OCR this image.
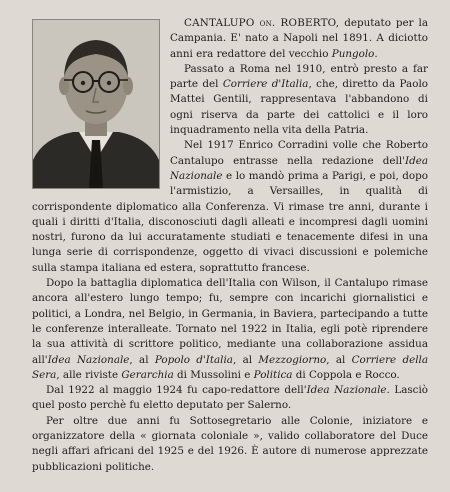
CANTALUPO on. ROBERTO, deputato per la Campania. E' nato a Napoli nel 1891. A diciotto anni era redattore del vecchio Pungolo.

Passato a Roma nel 1910, entrò presto a far parte del Corriere d'Italia, che, diretto da Paolo Mattei Gentili, rappresentava l'abbandono di ogni riserva da parte dei cattolici e il loro inquadramento nella vita della Patria.

Nel 1917 Enrico Corradini volle che Roberto Cantalupo entrasse nella redazione dell'Idea Nazionale e lo mandò prima a Parigi, e poi, dopo l'armistizio, a Versailles, in qualità di corrispondente diplomatico alla Conferenza. Vi rimase tre anni, durante i quali i diritti d'Italia, disconosciuti dagli alleati e incompresi dagli uomini nostri, furono da lui accuratamente studiati e tenacemente difesi in una lunga serie di corrispondenze, oggetto di vivaci discussioni e polemiche sulla stampa italiana ed estera, soprattutto francese.

Dopo la battaglia diplomatica dell'Italia con Wilson, il Cantalupo rimase ancora all'estero lungo tempo; fu, sempre con incarichi giornalistici e politici, a Londra, nel Belgio, in Germania, in Baviera, partecipando a tutte le conferenze interalleate. Tornato nel 1922 in Italia, egli potè riprendere la sua attività di scrittore politico, mediante una collaborazione assidua all'Idea Nazionale, al Popolo d'Italia, al Mezzogiorno, al Corriere della Sera, alle riviste Gerarchia di Mussolini e Politica di Coppola e Rocco.

Dal 1922 al maggio 1924 fu capo-redattore dell'Idea Nazionale. Lasciò quel posto perchè fu eletto deputato per Salerno.

Per oltre due anni fu Sottosegretario alle Colonie, iniziatore e organizzatore della « giornata coloniale », valido collaboratore del Duce negli affari africani del 1925 e del 1926. È autore di numerose apprezzate pubblicazioni politiche.
